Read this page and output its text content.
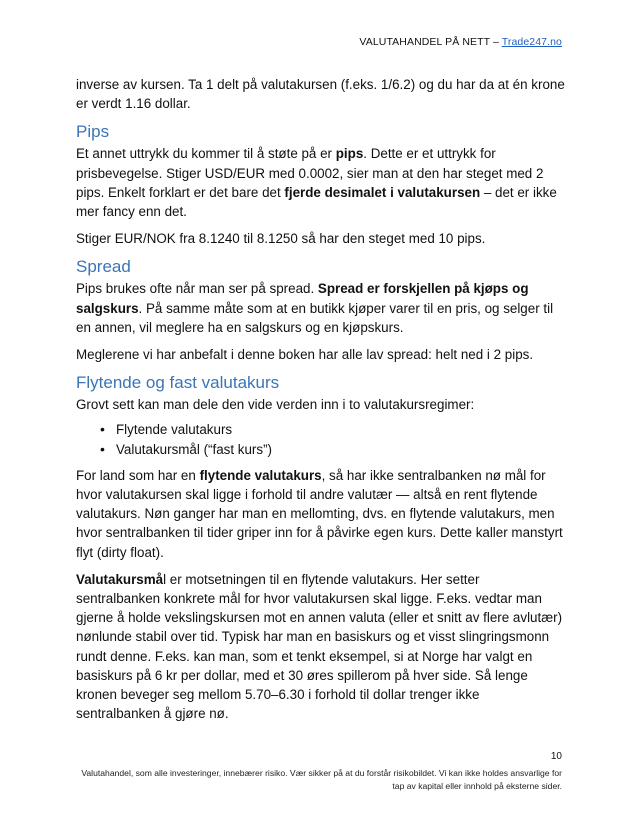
VALUTAHANDEL PÅ NETT – Trade247.no

inverse av kursen. Ta 1 delt på valutakursen (f.eks. 1/6.2) og du har da at én krone er verdt 1.16 dollar.

Pips

Et annet uttrykk du kommer til å støte på er pips. Dette er et uttrykk for prisbevegelse. Stiger USD/EUR med 0.0002, sier man at den har steget med 2 pips. Enkelt forklart er det bare det fjerde desimalet i valutakursen – det er ikke mer fancy enn det.

Stiger EUR/NOK fra 8.1240 til 8.1250 så har den steget med 10 pips.

Spread

Pips brukes ofte når man ser på spread. Spread er forskjellen på kjøps og salgskurs. På samme måte som at en butikk kjøper varer til en pris, og selger til en annen, vil meglere ha en salgskurs og en kjøpskurs.

Meglerene vi har anbefalt i denne boken har alle lav spread: helt ned i 2 pips.

Flytende og fast valutakurs

Grovt sett kan man dele den vide verden inn i to valutakursregimer:

• Flytende valutakurs
• Valutakursmål (“fast kurs”)

For land som har en flytende valutakurs, så har ikke sentralbanken nø mål for hvor valutakursen skal ligge i forhold til andre valutær — altså en rent flytende valutakurs. Nøn ganger har man en mellomting, dvs. en flytende valutakurs, men hvor sentralbanken til tider griper inn for å påvirke egen kurs. Dette kaller manstyrt flyt (dirty float).

Valutakursmål er motsetningen til en flytende valutakurs. Her setter sentralbanken konkrete mål for hvor valutakursen skal ligge. F.eks. vedtar man gjerne å holde vekslingskursen mot en annen valuta (eller et snitt av flere avlutær) nønlunde stabil over tid. Typisk har man en basiskurs og et visst slingringsmonn rundt denne. F.eks. kan man, som et tenkt eksempel, si at Norge har valgt en basiskurs på 6 kr per dollar, med et 30 øres spillerom på hver side. Så lenge kronen beveger seg mellom 5.70–6.30 i forhold til dollar trenger ikke sentralbanken å gjøre nø.

10
Valutahandel, som alle investeringer, innebærer risiko. Vær sikker på at du forstår risikobildet. Vi kan ikke holdes ansvarlige for
tap av kapital eller innhold på eksterne sider.
